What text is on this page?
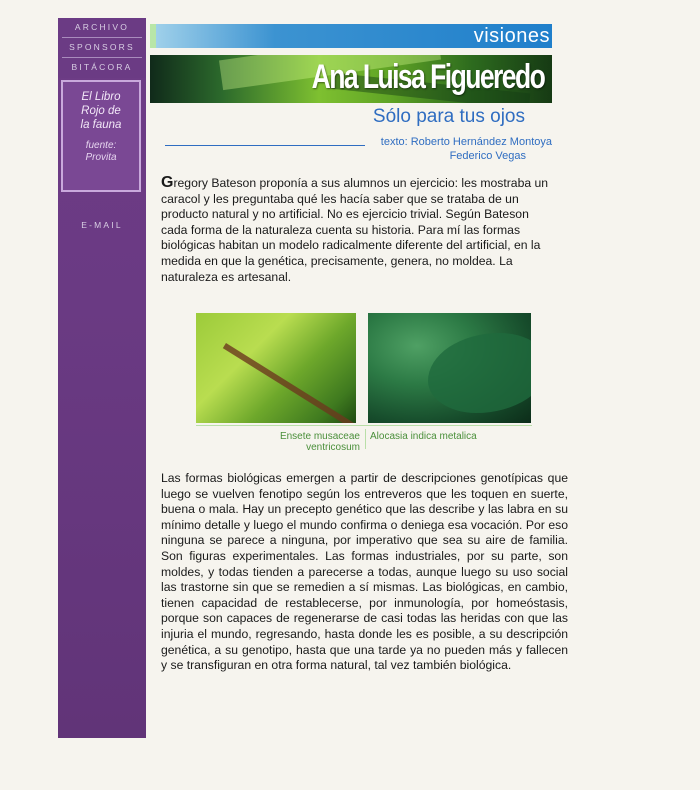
ARCHIVO
SPONSORS
BITÁCORA
El Libro
Rojo de
la fauna
fuente:
Provita
E-MAIL
visiones
Ana Luisa Figueredo
Sólo para tus ojos
texto: Roberto Hernández Montoya
Federico Vegas
Gregory Bateson proponía a sus alumnos un ejercicio: les mostraba un caracol y les preguntaba qué les hacía saber que se trataba de un producto natural y no artificial. No es ejercicio trivial. Según Bateson cada forma de la naturaleza cuenta su historia. Para mí las formas biológicas habitan un modelo radicalmente diferente del artificial, en la medida en que la genética, precisamente, genera, no moldea. La naturaleza es artesanal.
Ensete musaceae
ventricosum
Alocasia indica metalica
Las formas biológicas emergen a partir de descripciones genotípicas que luego se vuelven fenotipo según los entreveros que les toquen en suerte, buena o mala. Hay un precepto genético que las describe y las labra en su mínimo detalle y luego el mundo confirma o deniega esa vocación. Por eso ninguna se parece a ninguna, por imperativo que sea su aire de familia. Son figuras experimentales. Las formas industriales, por su parte, son moldes, y todas tienden a parecerse a todas, aunque luego su uso social las trastorne sin que se remedien a sí mismas. Las biológicas, en cambio, tienen capacidad de restablecerse, por inmunología, por homeóstasis, porque son capaces de regenerarse de casi todas las heridas con que las injuria el mundo, regresando, hasta donde les es posible, a su descripción genética, a su genotipo, hasta que una tarde ya no pueden más y fallecen y se transfiguran en otra forma natural, tal vez también biológica.
